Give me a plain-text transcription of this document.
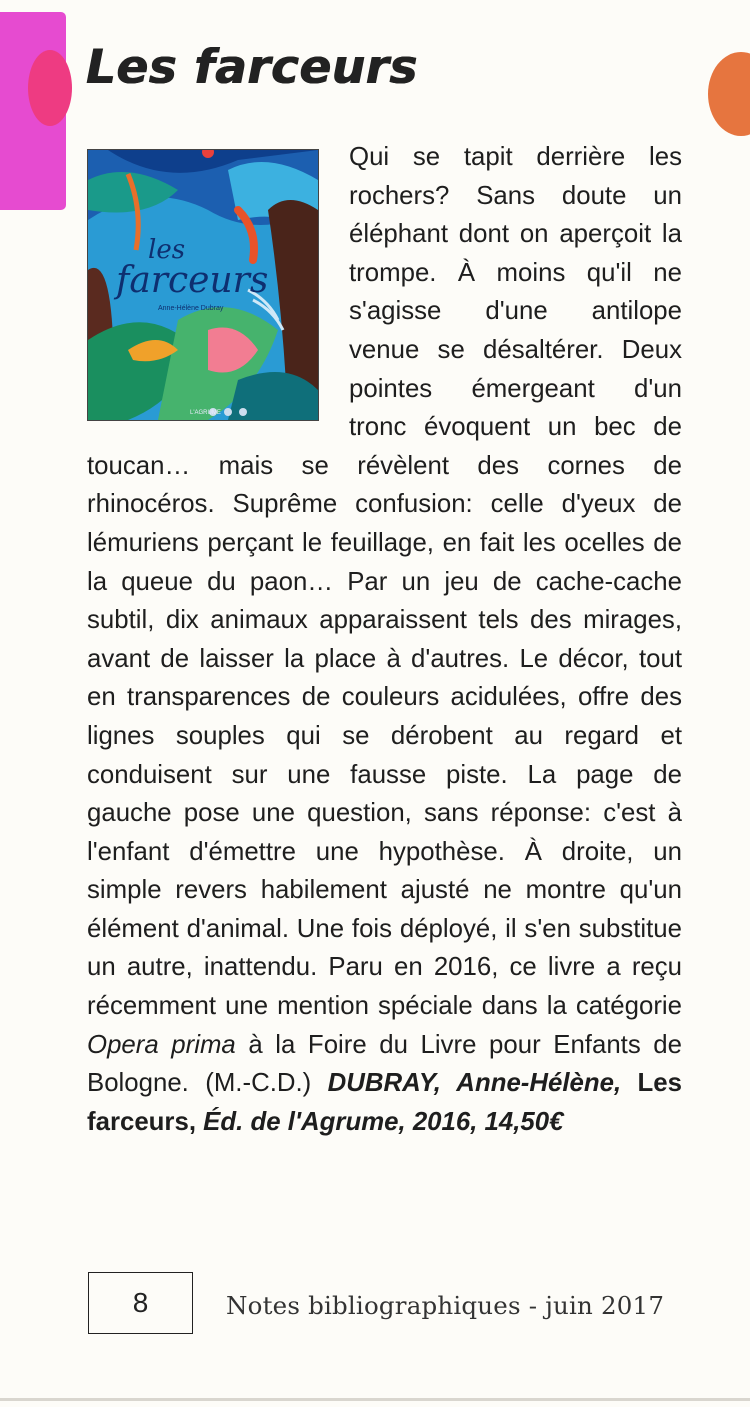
Les farceurs
les
farceurs
Anne-Hélène Dubray
L'AGRUME

Qui se tapit derrière les rochers? Sans doute un éléphant dont on aperçoit la trompe. À moins qu'il ne s'agisse d'une antilope venue se désaltérer. Deux pointes émergeant d'un tronc évoquent un bec de toucan… mais se révèlent des cornes de rhinocéros. Suprême confusion: celle d'yeux de lémuriens perçant le feuillage, en fait les ocelles de la queue du paon… Par un jeu de cache-cache subtil, dix animaux apparaissent tels des mirages, avant de laisser la place à d'autres. Le décor, tout en transparences de couleurs acidulées, offre des lignes souples qui se dérobent au regard et conduisent sur une fausse piste. La page de gauche pose une question, sans réponse: c'est à l'enfant d'émettre une hypothèse. À droite, un simple revers habilement ajusté ne montre qu'un élément d'animal. Une fois déployé, il s'en substitue un autre, inattendu. Paru en 2016, ce livre a reçu récemment une mention spéciale dans la catégorie Opera prima à la Foire du Livre pour Enfants de Bologne. (M.-C.D.) DUBRAY, Anne-Hélène, Les farceurs, Éd. de l'Agrume, 2016, 14,50€

8	Notes bibliographiques - juin 2017
